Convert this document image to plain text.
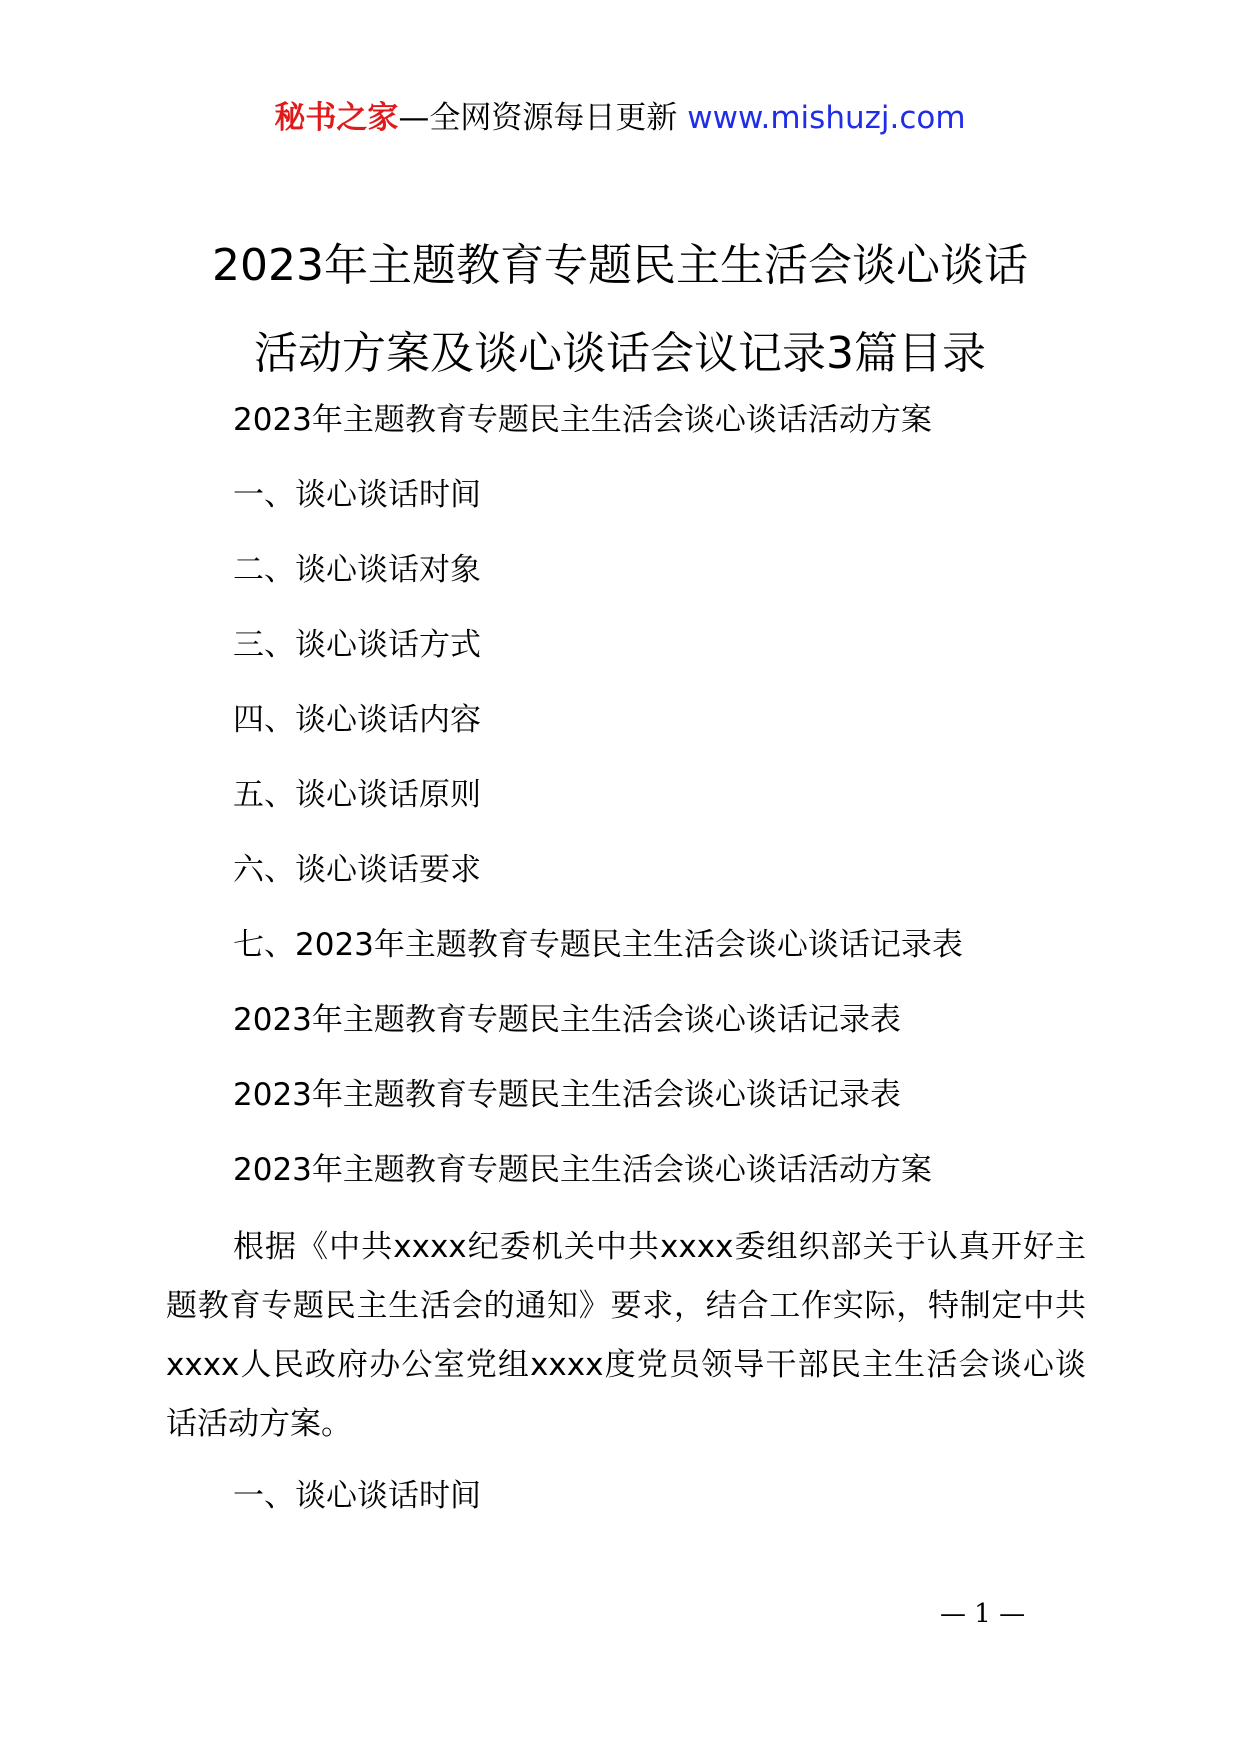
秘书之家—全网资源每日更新 www.mishuzj.com
2023年主题教育专题民主生活会谈心谈话
活动方案及谈心谈话会议记录3篇目录
2023年主题教育专题民主生活会谈心谈话活动方案
一、谈心谈话时间
二、谈心谈话对象
三、谈心谈话方式
四、谈心谈话内容
五、谈心谈话原则
六、谈心谈话要求
七、2023年主题教育专题民主生活会谈心谈话记录表
2023年主题教育专题民主生活会谈心谈话记录表
2023年主题教育专题民主生活会谈心谈话记录表
2023年主题教育专题民主生活会谈心谈话活动方案

根据《中共xxxx纪委机关中共xxxx委组织部关于认真开好主题教育专题民主生活会的通知》要求，结合工作实际，特制定中共xxxx人民政府办公室党组xxxx度党员领导干部民主生活会谈心谈话活动方案。

一、谈心谈话时间
— 1 —
